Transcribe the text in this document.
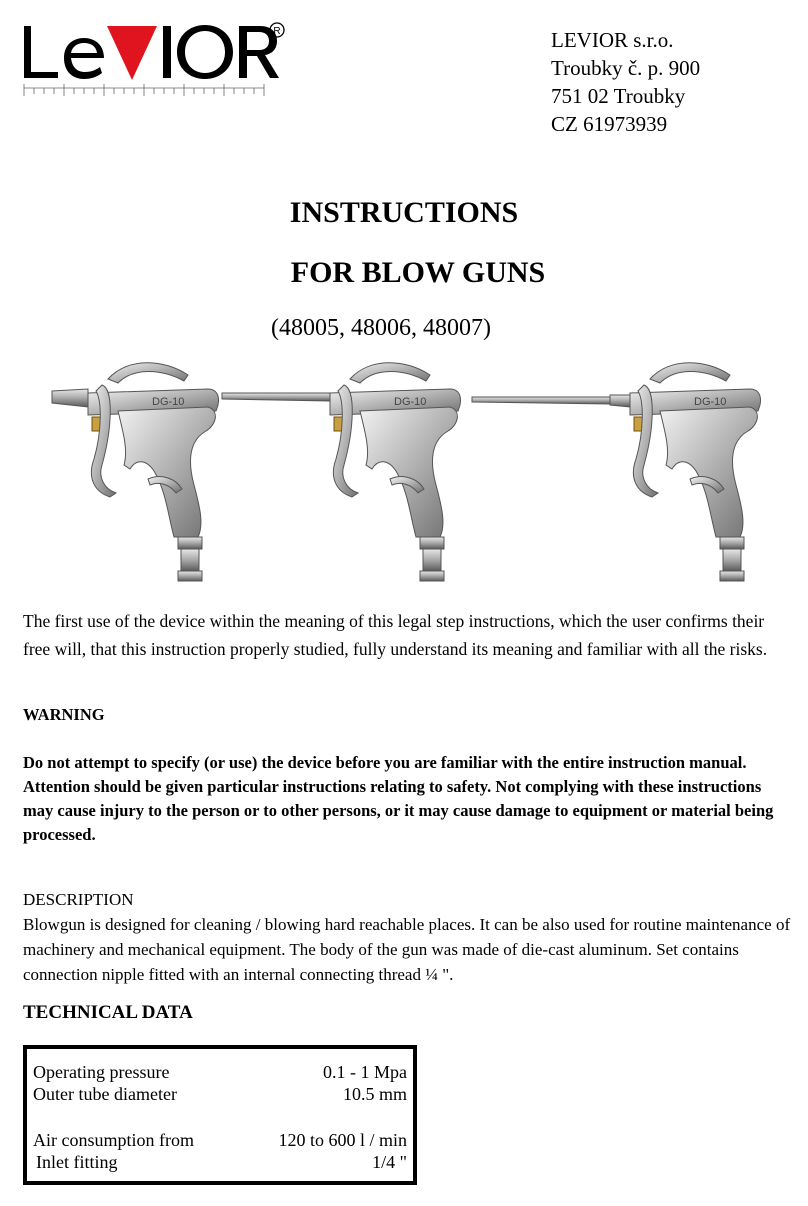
R	LEVIOR s.r.o.
Troubky č. p. 900
751 02 Troubky
CZ 61973939
INSTRUCTIONS
FOR BLOW GUNS
(48005, 48006, 48007)
The first use of the device within the meaning of this legal step instructions, which the user confirms their free will, that this instruction properly studied, fully understand its meaning and familiar with all the risks.
WARNING
Do not attempt to specify (or use) the device before you are familiar with the entire instruction manual.
Attention should be given particular instructions relating to safety. Not complying with these instructions may cause injury to the person or to other persons, or it may cause damage to equipment or material being processed.
DESCRIPTION
Blowgun is designed for cleaning / blowing hard reachable places. It can be also used for routine maintenance of machinery and mechanical equipment. The body of the gun was made of die-cast aluminum. Set contains connection nipple fitted with an internal connecting thread ¼ ".
TECHNICAL DATA
Operating pressure	0.1 - 1 Mpa
Outer tube diameter	10.5 mm
Air consumption from	120 to 600 l / min
Inlet fitting	1/4 "
